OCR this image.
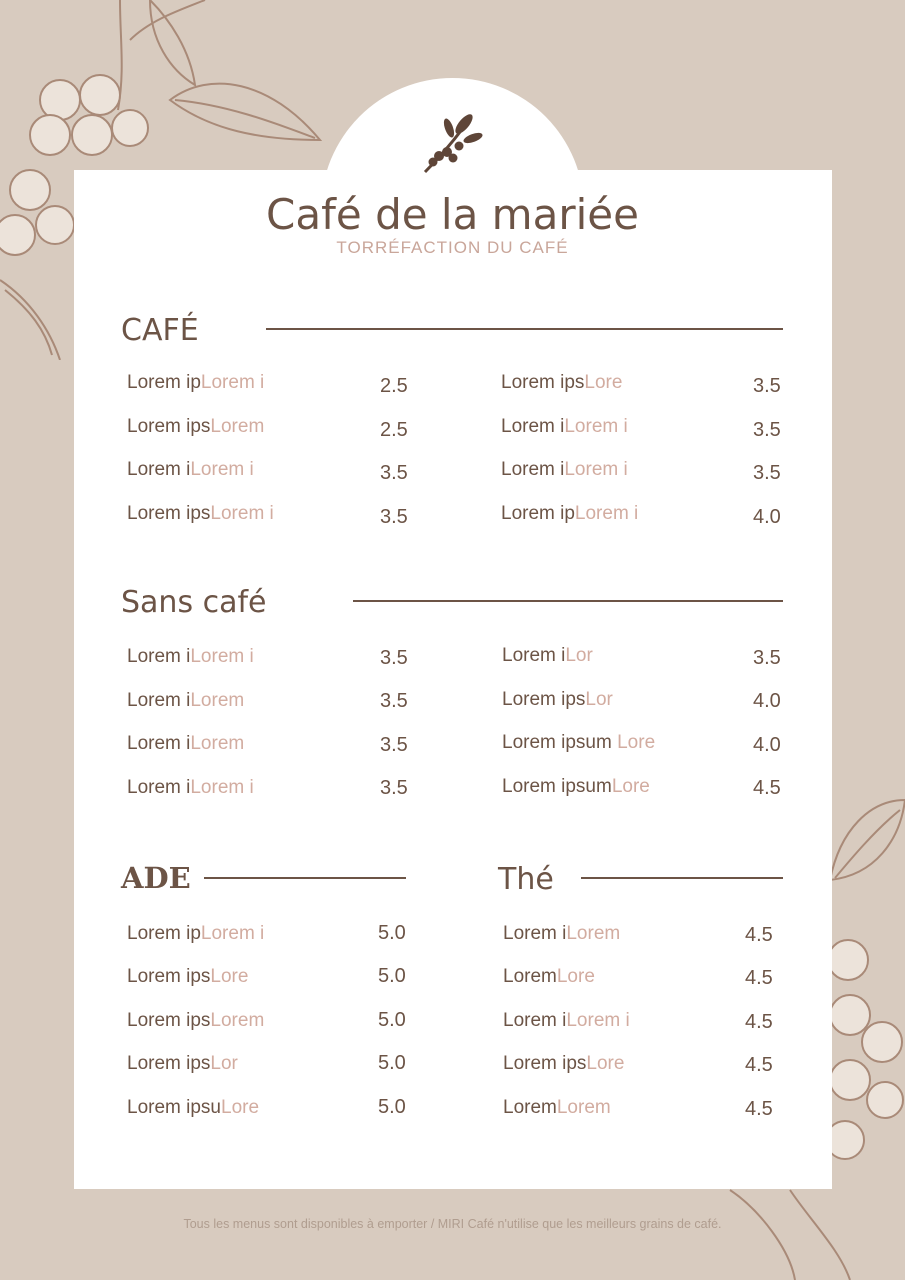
Café de la mariée
TORRÉFACTION DU CAFÉ
CAFÉ
Lorem ipLorem i	2.5
Lorem ipsLorem	2.5
Lorem iLorem i	3.5
Lorem ipsLorem i	3.5
Lorem ipsLore	3.5
Lorem iLorem i	3.5
Lorem iLorem i	3.5
Lorem ipLorem i	4.0
Sans café
Lorem iLorem i	3.5
Lorem iLorem	3.5
Lorem iLorem	3.5
Lorem iLorem i	3.5
Lorem iLor	3.5
Lorem ipsLor	4.0
Lorem ipsum Lore	4.0
Lorem ipsumLore	4.5
ADE
Lorem ipLorem i	5.0
Lorem ipsLore	5.0
Lorem ipsLorem	5.0
Lorem ipsLor	5.0
Lorem ipsuLore	5.0
Thé
Lorem iLorem	4.5
LoremLore	4.5
Lorem iLorem i	4.5
Lorem ipsLore	4.5
LoremLorem	4.5
Tous les menus sont disponibles à emporter / MIRI Café n'utilise que les meilleurs grains de café.
